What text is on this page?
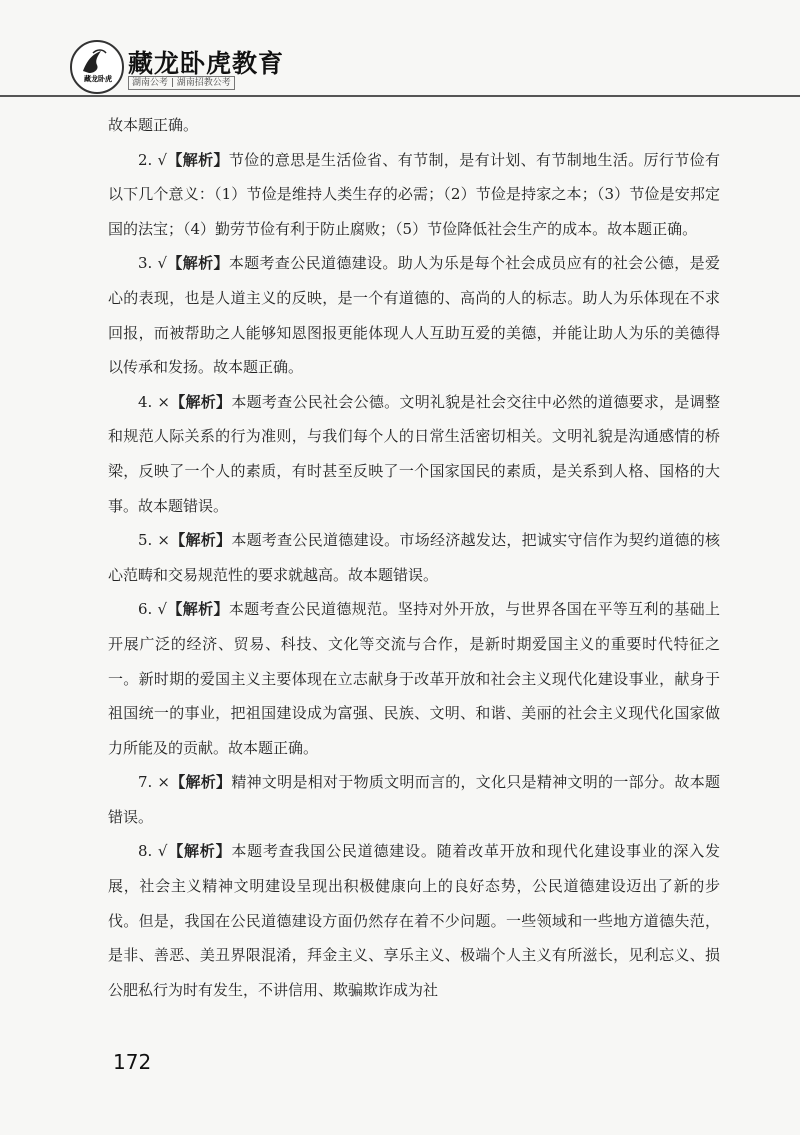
藏龙卧虎
藏龙卧虎教育
湖南公考 | 湖南招教公考

故本题正确。

2. √【解析】节俭的意思是生活俭省、有节制，是有计划、有节制地生活。厉行节俭有以下几个意义：（1）节俭是维持人类生存的必需；（2）节俭是持家之本；（3）节俭是安邦定国的法宝；（4）勤劳节俭有利于防止腐败；（5）节俭降低社会生产的成本。故本题正确。

3. √【解析】本题考查公民道德建设。助人为乐是每个社会成员应有的社会公德，是爱心的表现，也是人道主义的反映，是一个有道德的、高尚的人的标志。助人为乐体现在不求回报，而被帮助之人能够知恩图报更能体现人人互助互爱的美德，并能让助人为乐的美德得以传承和发扬。故本题正确。

4. ×【解析】本题考查公民社会公德。文明礼貌是社会交往中必然的道德要求，是调整和规范人际关系的行为准则，与我们每个人的日常生活密切相关。文明礼貌是沟通感情的桥梁，反映了一个人的素质，有时甚至反映了一个国家国民的素质，是关系到人格、国格的大事。故本题错误。

5. ×【解析】本题考查公民道德建设。市场经济越发达，把诚实守信作为契约道德的核心范畴和交易规范性的要求就越高。故本题错误。

6. √【解析】本题考查公民道德规范。坚持对外开放，与世界各国在平等互利的基础上开展广泛的经济、贸易、科技、文化等交流与合作，是新时期爱国主义的重要时代特征之一。新时期的爱国主义主要体现在立志献身于改革开放和社会主义现代化建设事业，献身于祖国统一的事业，把祖国建设成为富强、民族、文明、和谐、美丽的社会主义现代化国家做力所能及的贡献。故本题正确。

7. ×【解析】精神文明是相对于物质文明而言的，文化只是精神文明的一部分。故本题错误。

8. √【解析】本题考查我国公民道德建设。随着改革开放和现代化建设事业的深入发展，社会主义精神文明建设呈现出积极健康向上的良好态势，公民道德建设迈出了新的步伐。但是，我国在公民道德建设方面仍然存在着不少问题。一些领域和一些地方道德失范，是非、善恶、美丑界限混淆，拜金主义、享乐主义、极端个人主义有所滋长，见利忘义、损公肥私行为时有发生，不讲信用、欺骗欺诈成为社

172
